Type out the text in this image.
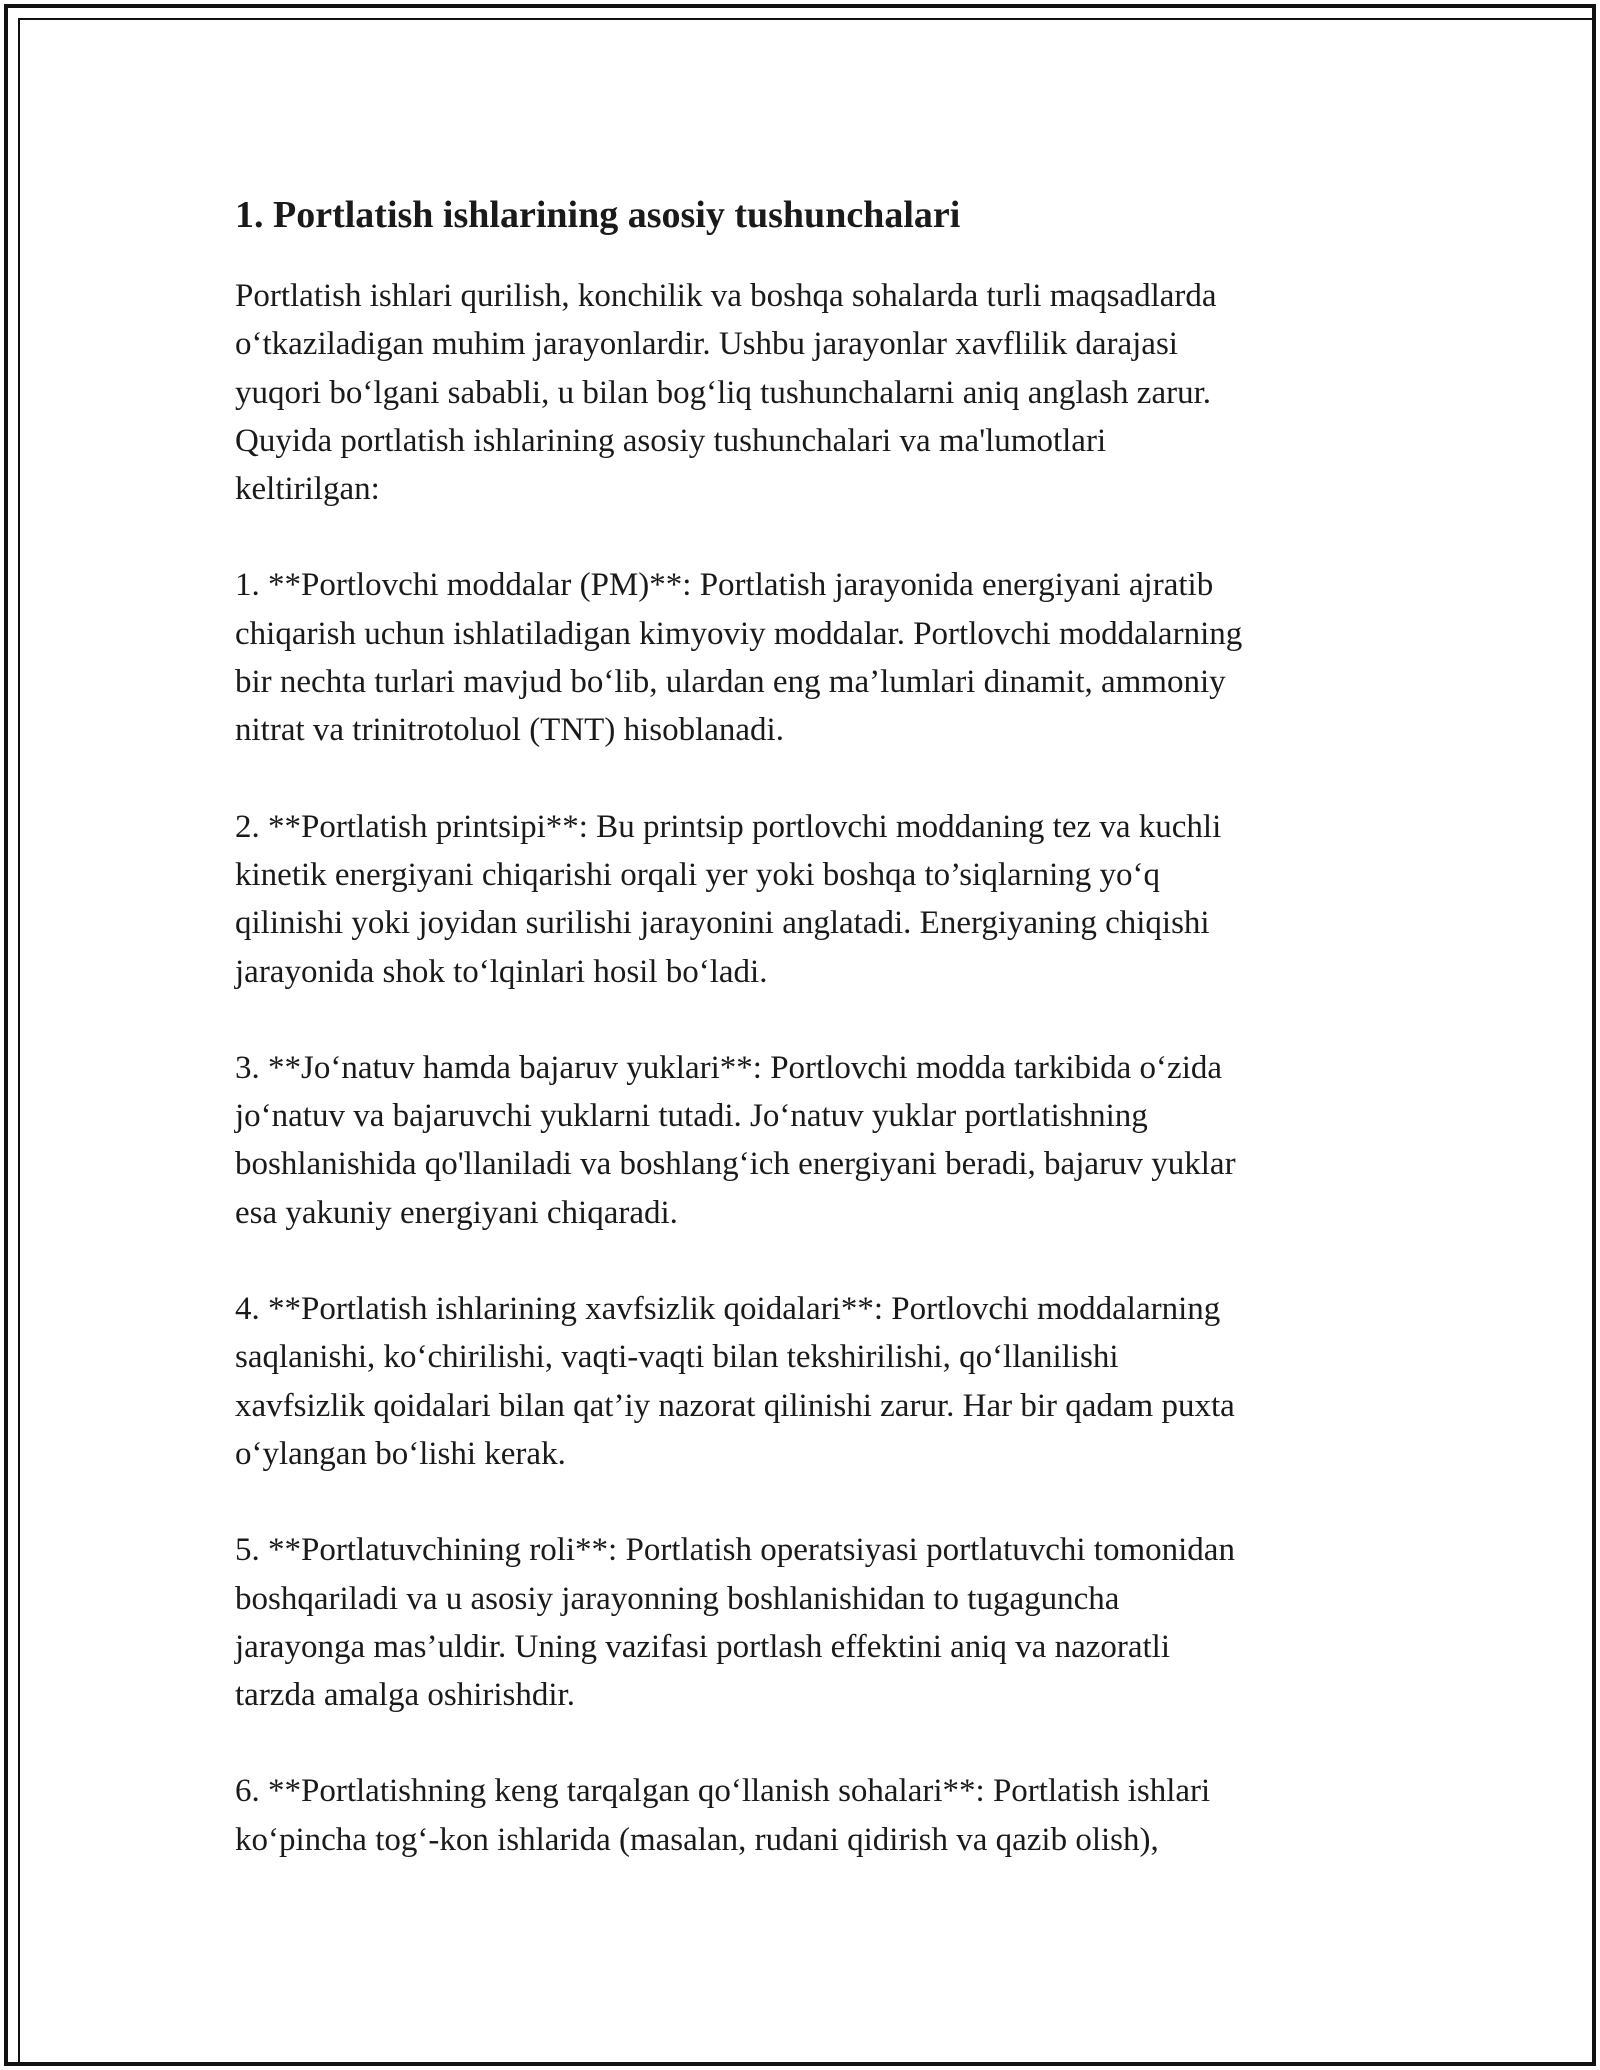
1. Portlatish ishlarining asosiy tushunchalari

Portlatish ishlari qurilish, konchilik va boshqa sohalarda turli maqsadlarda
o‘tkaziladigan muhim jarayonlardir. Ushbu jarayonlar xavflilik darajasi
yuqori bo‘lgani sababli, u bilan bog‘liq tushunchalarni aniq anglash zarur.
Quyida portlatish ishlarining asosiy tushunchalari va ma'lumotlari
keltirilgan:

1. **Portlovchi moddalar (PM)**: Portlatish jarayonida energiyani ajratib
chiqarish uchun ishlatiladigan kimyoviy moddalar. Portlovchi moddalarning
bir nechta turlari mavjud bo‘lib, ulardan eng ma’lumlari dinamit, ammoniy
nitrat va trinitrotoluol (TNT) hisoblanadi.

2. **Portlatish printsipi**: Bu printsip portlovchi moddaning tez va kuchli
kinetik energiyani chiqarishi orqali yer yoki boshqa to’siqlarning yo‘q
qilinishi yoki joyidan surilishi jarayonini anglatadi. Energiyaning chiqishi
jarayonida shok to‘lqinlari hosil bo‘ladi.

3. **Jo‘natuv hamda bajaruv yuklari**: Portlovchi modda tarkibida o‘zida
jo‘natuv va bajaruvchi yuklarni tutadi. Jo‘natuv yuklar portlatishning
boshlanishida qo'llaniladi va boshlang‘ich energiyani beradi, bajaruv yuklar
esa yakuniy energiyani chiqaradi.

4. **Portlatish ishlarining xavfsizlik qoidalari**: Portlovchi moddalarning
saqlanishi, ko‘chirilishi, vaqti-vaqti bilan tekshirilishi, qo‘llanilishi
xavfsizlik qoidalari bilan qat’iy nazorat qilinishi zarur. Har bir qadam puxta
o‘ylangan bo‘lishi kerak.

5. **Portlatuvchining roli**: Portlatish operatsiyasi portlatuvchi tomonidan
boshqariladi va u asosiy jarayonning boshlanishidan to tugaguncha
jarayonga mas’uldir. Uning vazifasi portlash effektini aniq va nazoratli
tarzda amalga oshirishdir.

6. **Portlatishning keng tarqalgan qo‘llanish sohalari**: Portlatish ishlari
ko‘pincha tog‘-kon ishlarida (masalan, rudani qidirish va qazib olish),
